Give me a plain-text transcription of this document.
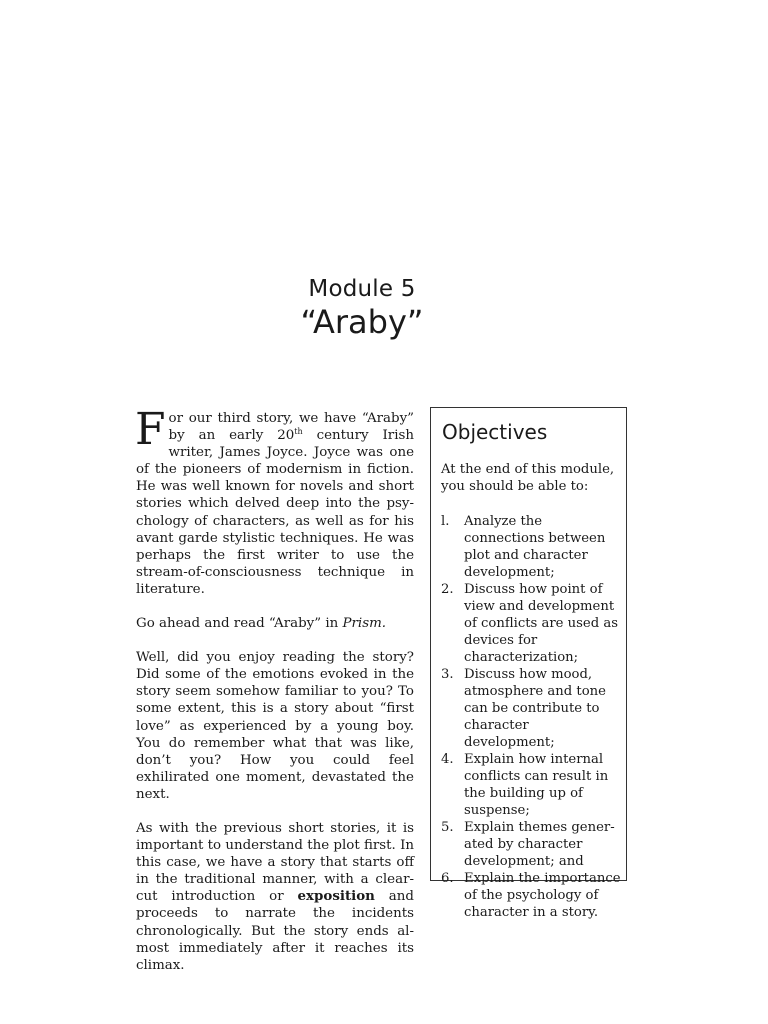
Module 5
“Araby”

For our third story, we have “Araby” by an early 20th century Irish writer, James Joyce. Joyce was one of the pioneers of modernism in fiction. He was well known for novels and short stories which delved deep into the psychology of characters, as well as for his avant garde stylistic techniques. He was perhaps the first writer to use the stream-of-consciousness technique in literature.

Go ahead and read “Araby” in Prism.

Well, did you enjoy reading the story? Did some of the emotions evoked in the story seem somehow familiar to you? To some extent, this is a story about “first love” as experienced by a young boy. You do remember what that was like, don’t you? How you could feel exhilirated one moment, devastated the next.

As with the previous short stories, it is important to understand the plot first. In this case, we have a story that starts off in the traditional manner, with a clear-cut introduction or exposition and proceeds to narrate the incidents chronologically. But the story ends almost immediately after it reaches its climax.

Objectives
At the end of this module, you should be able to:
l. Analyze the connections between plot and character development;
2. Discuss how point of view and development of conflicts are used as devices for characterization;
3. Discuss how mood, atmosphere and tone can be contribute to character development;
4. Explain how internal conflicts can result in the building up of suspense;
5. Explain themes generated by character development; and
6. Explain the importance of the psychology of character in a story.
